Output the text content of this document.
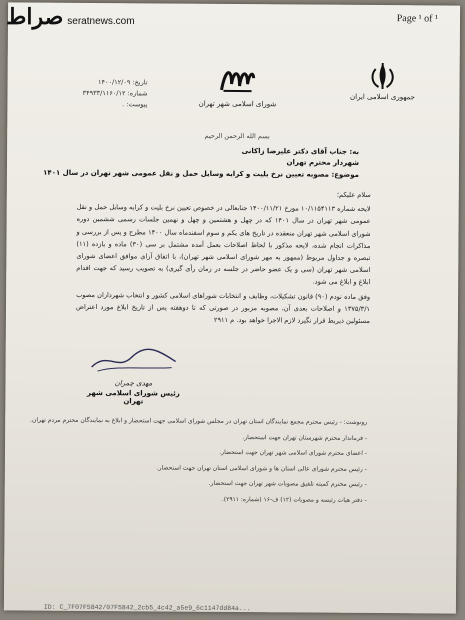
Page ¹ of ¹
شورای اسلامی شهر تهران
جمهوری اسلامی ایران
تاریخ: ۱۴۰۰/۱۲/۰۹
شماره: ۳۴۹۳۳/۱۱۶۰/۱۲
پیوست: .
بسم الله الرحمن الرحیم
به: جناب آقای دکتر علیرضا زاکانی
شهردار محترم تهران
موضوع: مصوبه تعیین نرخ بلیت و کرایه وسایل حمل و نقل عمومی شهر تهران در سال ۱۴۰۱

سلام علیکم؛

لایحه شماره ۱۰/۱۱۵۴۱۱۳ مورخ ۱۴۰۰/۱۱/۲۱ جنابعالی در خصوص تعیین نرخ بلیت و کرایه وسایل حمل و نقل عمومی شهر تهران در سال ۱۴۰۱ که در چهل و هشتمین و چهل و نهمین جلسات رسمی ششمین دوره شورای اسلامی شهر تهران منعقده در تاریخ های یکم و سوم اسفندماه سال ۱۴۰۰ مطرح و پس از بررسی و مذاکرات انجام شده، لایحه مذکور با لحاظ اصلاحات بعمل آمده مشتمل بر سی (۳۰) ماده و یازده (۱۱) تبصره و جداول مربوط (ممهور به مهر شورای اسلامی شهر تهران)، با اتفاق آرای موافق اعضای شورای اسلامی شهر تهران (سی و یک عضو حاضر در جلسه در زمان رأی گیری) به تصویب رسید که جهت اقدام ابلاغ و ابلاغ می شود.

وفق ماده نودم (۹۰) قانون تشکیلات، وظایف و انتخابات شوراهای اسلامی کشور و انتخاب شهرداران مصوب ۱۳۷۵/۳/۱ و اصلاحات بعدی آن، مصوبه مزبور در صورتی که تا دوهفته پس از تاریخ ابلاغ مورد اعتراض مسئولین ذیربط قرار نگیرد لازم الاجرا خواهد بود. م ۲۹۱۱

مهدی چمران
رئیس شورای اسلامی شهر تهران
رونوشت: - رئیس محترم مجمع نمایندگان استان تهران در مجلس شورای اسلامی جهت استحضار و ابلاغ به نمایندگان محترم مردم تهران.
- فرماندار محترم شهرستان تهران جهت استحضار.
- اعضای محترم شورای اسلامی شهر تهران جهت استحضار.
- رئیس محترم شورای عالی استان ها و شورای اسلامی استان تهران جهت استحضار.
- رئیس محترم کمیته تلفیق مصوبات شهر تهران جهت استحضار.
- دفتر هیات رئیسه و مصوبات (۱۲) ف-۱۶ (شماره: ۲۹۱۱).
ID: C_7F07F5842/07F5842_2cb5_4c42_a5e9_6c1147dd84a...
صراط seratnews.com
